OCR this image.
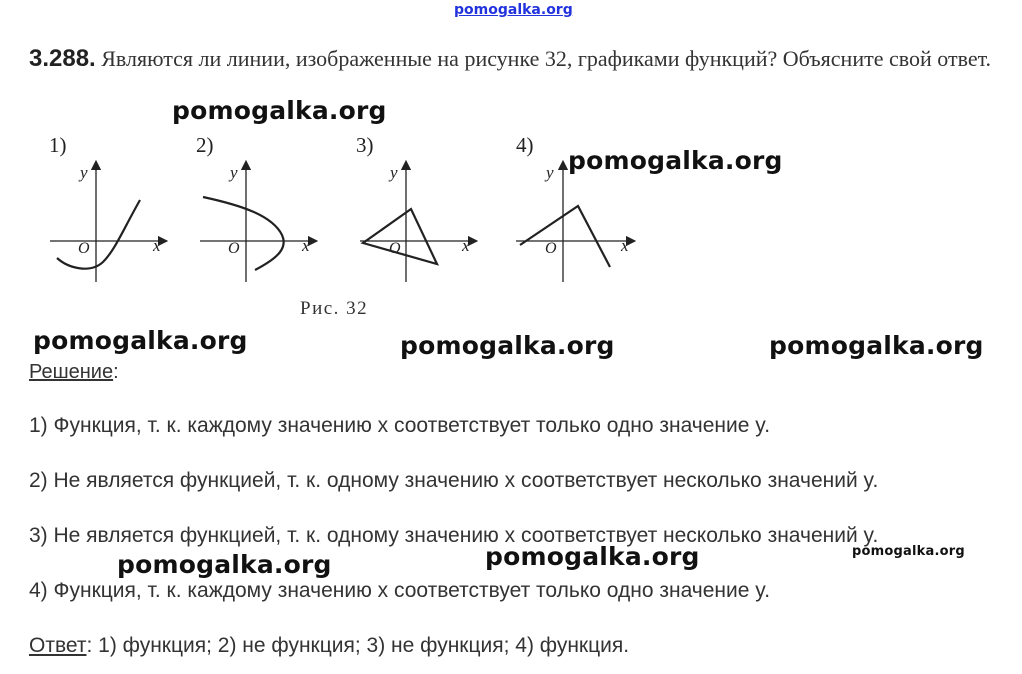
pomogalka.org
3.288. Являются ли линии, изображенные на рисунке 32, графиками функций? Объясните свой ответ.
1)	2)	3)	4)
y
x
O
y
x
O
y
x
O
y
x
O
Рис. 32
Решение:
1) Функция, т. к. каждому значению x соответствует только одно значение y.
2) Не является функцией, т. к. одному значению x соответствует несколько значений y.
3) Не является функцией, т. к. одному значению x соответствует несколько значений y.
4) Функция, т. к. каждому значению x соответствует только одно значение y.
Ответ: 1) функция; 2) не функция; 3) не функция; 4) функция.
pomogalka.org
pomogalka.org
pomogalka.org	pomogalka.org	pomogalka.org
pomogalka.org	pomogalka.org	pomogalka.org
